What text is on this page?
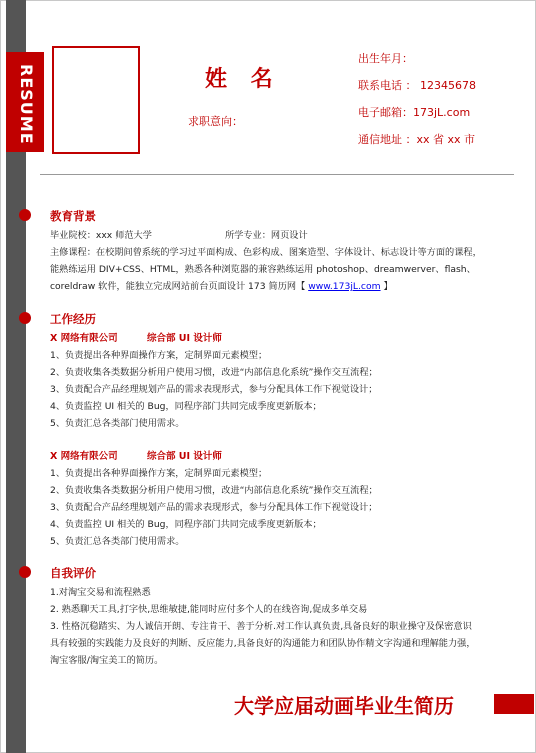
RESUME	姓 名
求职意向：
出生年月：
联系电话 ： 12345678
电子邮箱：173jL.com
通信地址 ：xx 省 xx 市
教育背景
毕业院校：xxx 师范大学	所学专业：网页设计
主修课程：在校期间曾系统的学习过平面构成、色彩构成、图案造型、字体设计、标志设计等方面的课程，
能熟练运用 DIV+CSS、HTML，熟悉各种浏览器的兼容熟练运用 photoshop、dreamwerver、flash、
coreldraw 软件，能独立完成网站前台页面设计 173 简历网【 www.173jL.com 】
工作经历
X 网络有限公司	综合部 UI 设计师
1、负责提出各种界面操作方案，定制界面元素模型；
2、负责收集各类数据分析用户使用习惯，改进“内部信息化系统”操作交互流程；
3、负责配合产品经理规划产品的需求表现形式，参与分配具体工作下视觉设计；
4、负责监控 UI 相关的 Bug，同程序部门共同完成季度更新版本；
5、负责汇总各类部门使用需求。
X 网络有限公司	综合部 UI 设计师
1、负责提出各种界面操作方案，定制界面元素模型；
2、负责收集各类数据分析用户使用习惯，改进“内部信息化系统”操作交互流程；
3、负责配合产品经理规划产品的需求表现形式，参与分配具体工作下视觉设计；
4、负责监控 UI 相关的 Bug，同程序部门共同完成季度更新版本；
5、负责汇总各类部门使用需求。
自我评价
1.对淘宝交易和流程熟悉
2. 熟悉聊天工具,打字快,思维敏捷,能同时应付多个人的在线咨询,促成多单交易
3. 性格沉稳踏实、为人诚信开朗、专注肯干、善于分析.对工作认真负责,具备良好的职业操守及保密意识
具有较强的实践能力及良好的判断、反应能力,具备良好的沟通能力和团队协作精文字沟通和理解能力强，
淘宝客服/淘宝美工的简历。
大学应届动画毕业生简历
